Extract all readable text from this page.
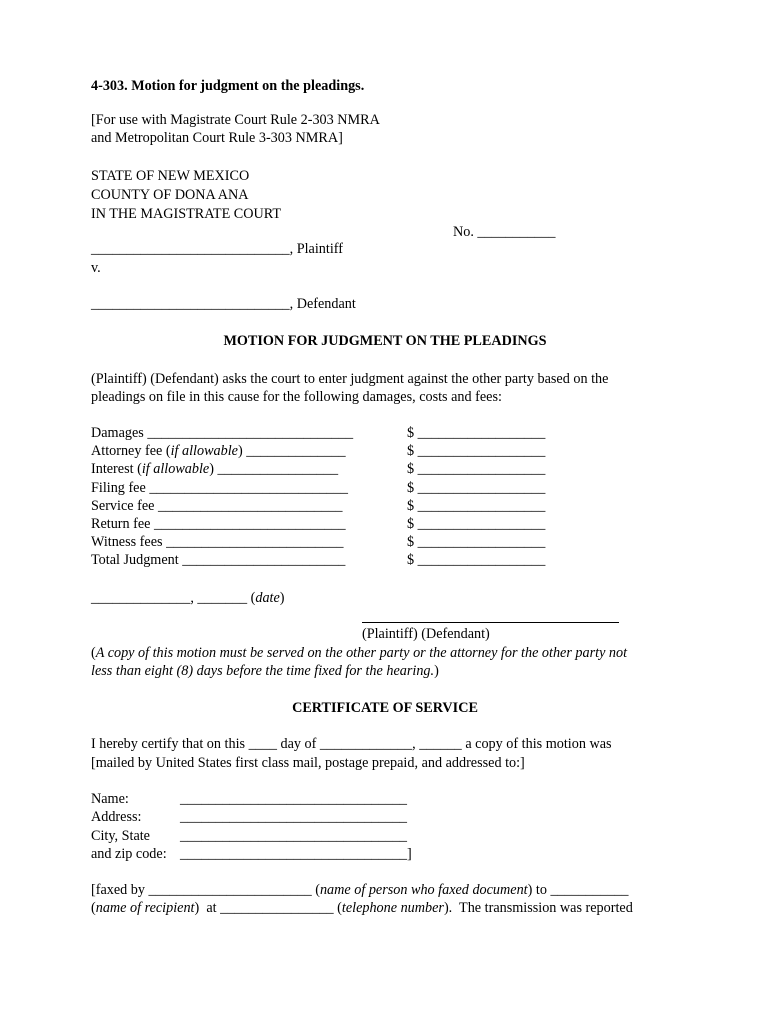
4-303. Motion for judgment on the pleadings.
[For use with Magistrate Court Rule 2-303 NMRA
and Metropolitan Court Rule 3-303 NMRA]
STATE OF NEW MEXICO
COUNTY OF DONA ANA
IN THE MAGISTRATE COURT
No. ___________
____________________________, Plaintiff
v.
____________________________, Defendant
MOTION FOR JUDGMENT ON THE PLEADINGS
(Plaintiff) (Defendant) asks the court to enter judgment against the other party based on the
pleadings on file in this cause for the following damages, costs and fees:
Damages _____________________________	$ __________________
Attorney fee (if allowable) ______________	$ __________________
Interest (if allowable) _________________	$ __________________
Filing fee ____________________________	$ __________________
Service fee __________________________	$ __________________
Return fee ___________________________	$ __________________
Witness fees _________________________	$ __________________
Total Judgment _______________________	$ __________________
______________, _______ (date)
(Plaintiff) (Defendant)
(A copy of this motion must be served on the other party or the attorney for the other party not
less than eight (8) days before the time fixed for the hearing.)
CERTIFICATE OF SERVICE
I hereby certify that on this ____ day of _____________, ______ a copy of this motion was
[mailed by United States first class mail, postage prepaid, and addressed to:]
Name:	________________________________
Address:	________________________________
City, State ________________________________
and zip code: ________________________________]
[faxed by _______________________ (name of person who faxed document) to ___________
(name of recipient)  at ________________ (telephone number).  The transmission was reported
